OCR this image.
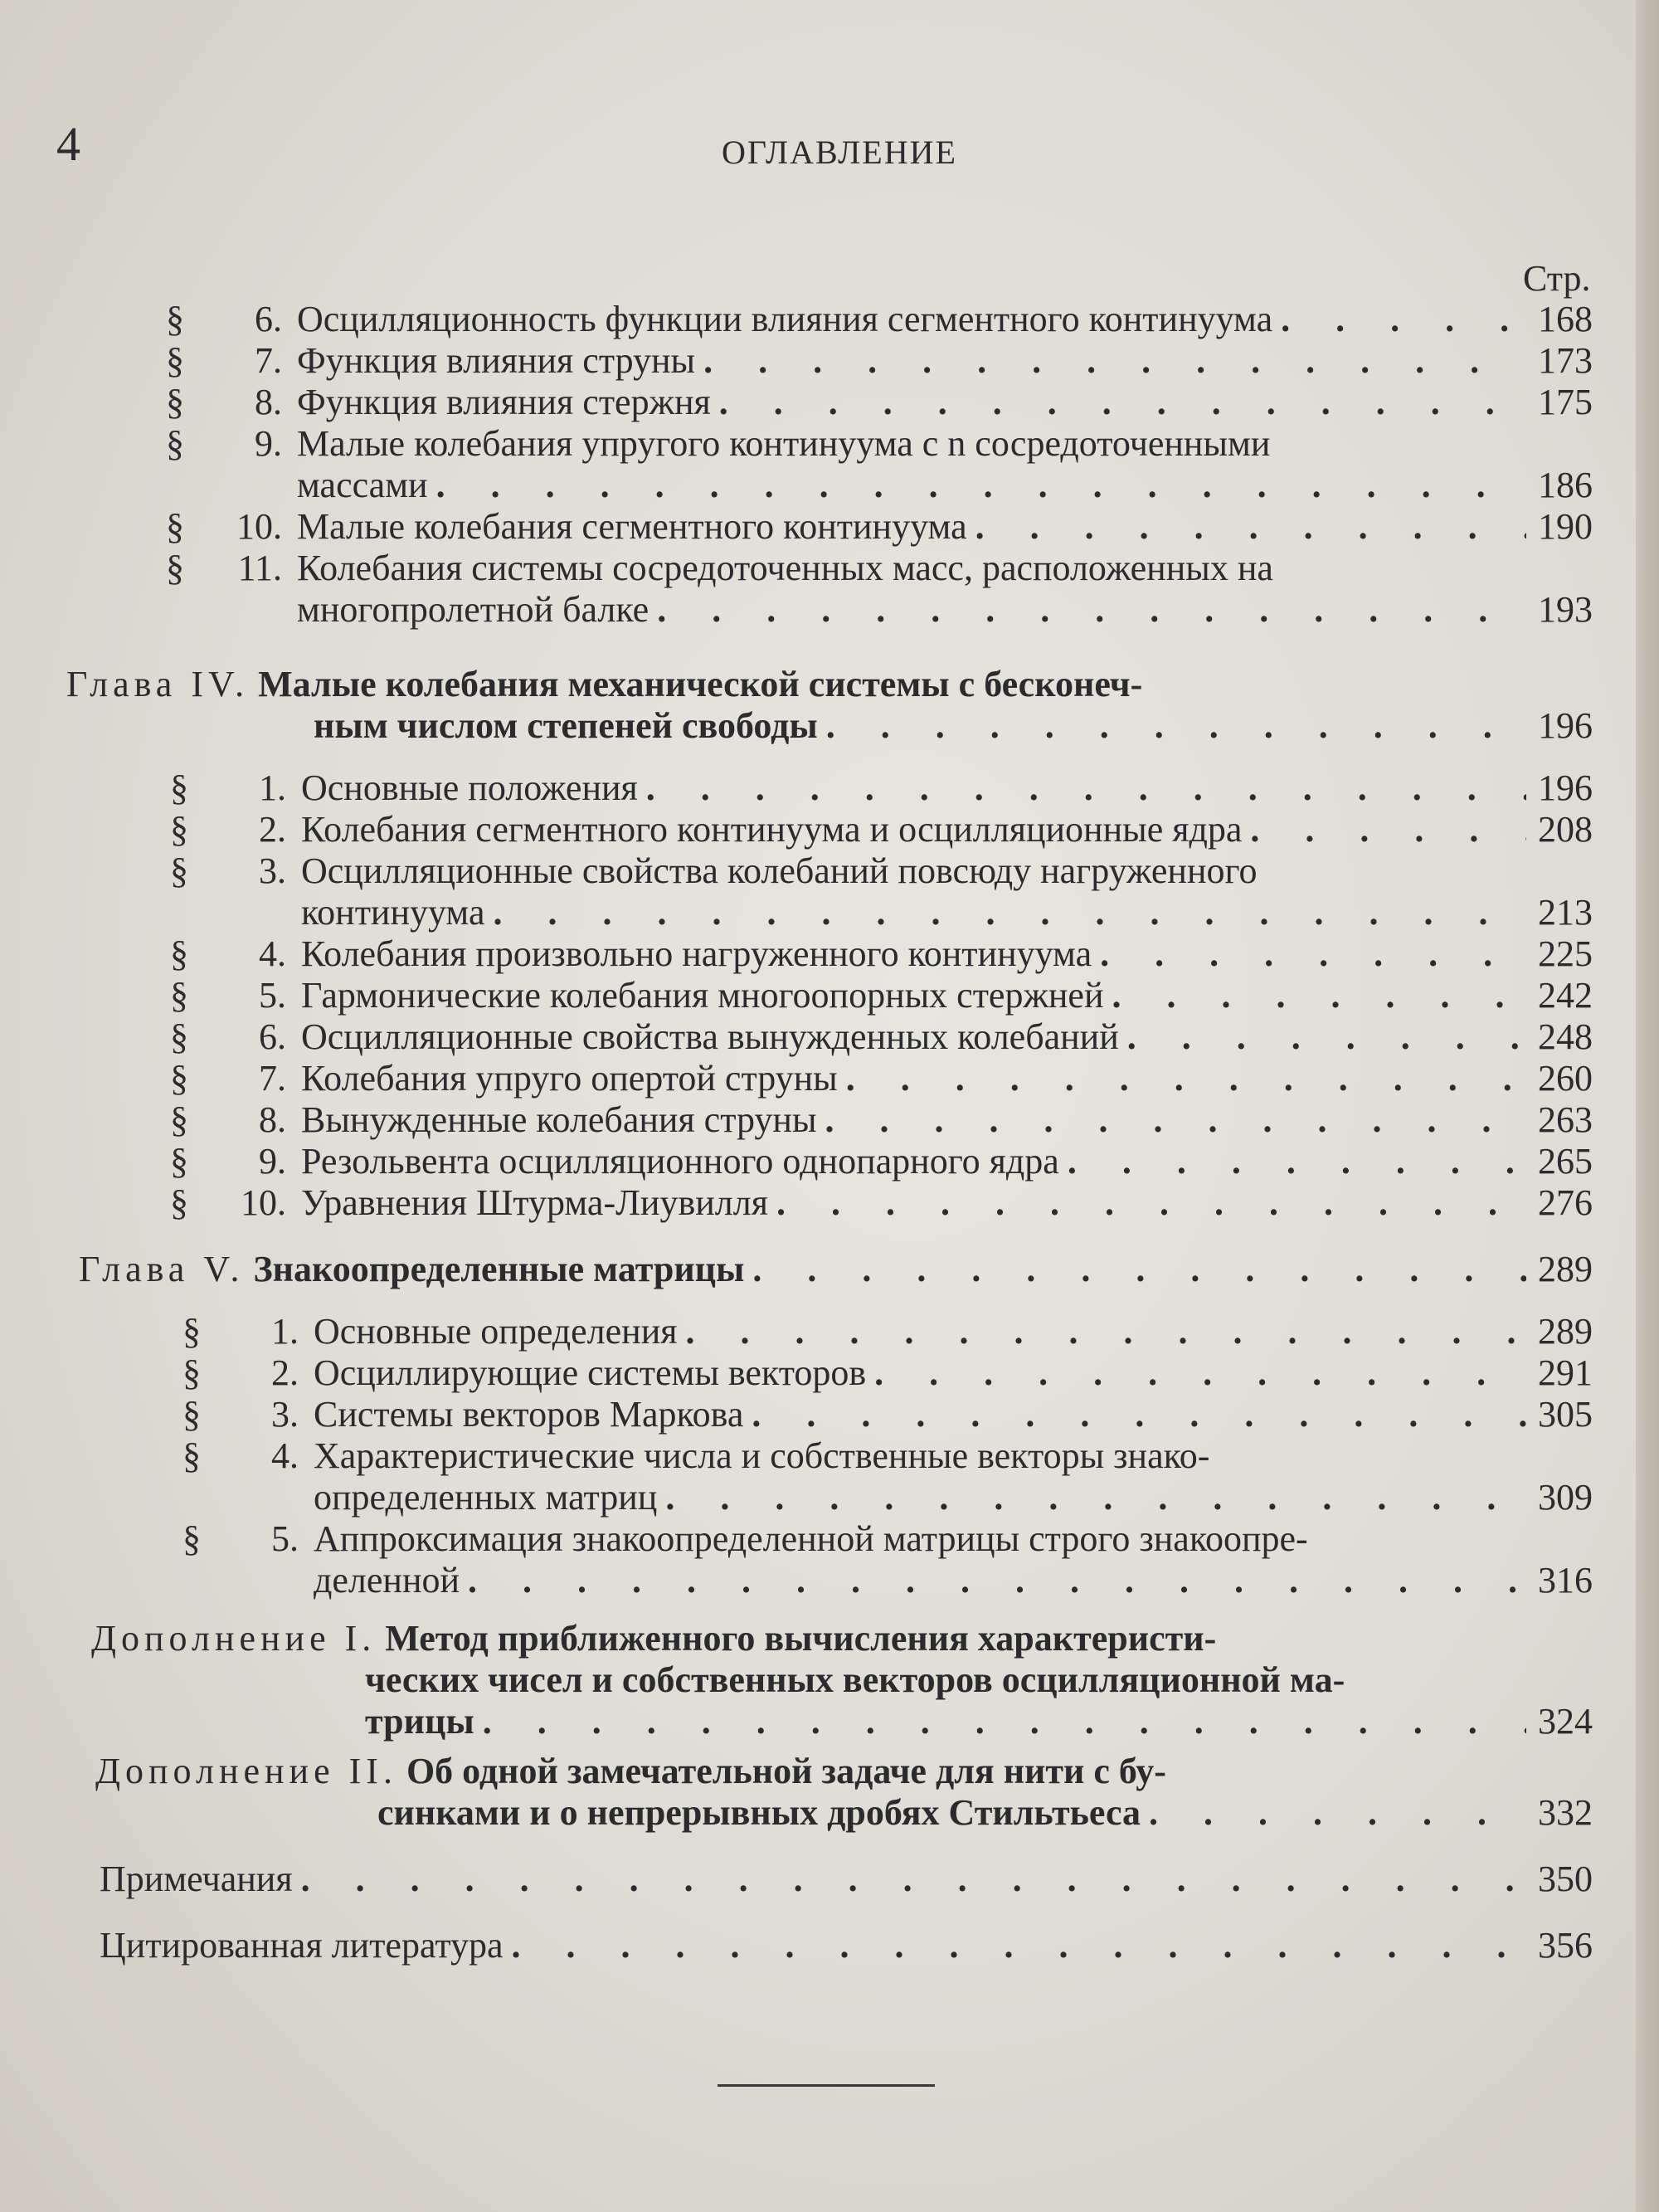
4	ОГЛАВЛЕНИЕ
Стр.
§	6. Осцилляционность функции влияния сегментного континуума . . .	168
§	7. Функция влияния струны . . .	173
§	8. Функция влияния стержня . . .	175
§	9. Малые колебания упругого континуума с n сосредоточенными
массами . . .	186
§	10. Малые колебания сегментного континуума . . .	190
§	11. Колебания системы сосредоточенных масс, расположенных на
многопролетной балке . . .	193
Глава IV.
Малые колебания механической системы с бесконеч-
ным числом степеней свободы . . .	196
§	1. Основные положения . . .	196
§	2. Колебания сегментного континуума и осцилляционные ядра . . .	208
§	3. Осцилляционные свойства колебаний повсюду нагруженного
континуума . . .	213
§	4. Колебания произвольно нагруженного континуума . . .	225
§	5. Гармонические колебания многоопорных стержней . . .	242
§	6. Осцилляционные свойства вынужденных колебаний . . .	248
§	7. Колебания упруго опертой струны . . .	260
§	8. Вынужденные колебания струны . . .	263
§	9. Резольвента осцилляционного однопарного ядра . . .	265
§	10. Уравнения Штурма-Лиувилля . . .	276
Глава V.
Знакоопределенные матрицы . . .	289
§	1. Основные определения . . .	289
§	2. Осциллирующие системы векторов . . .	291
§	3. Системы векторов Маркова . . .	305
§	4. Характеристические числа и собственные векторы знако-
определенных матриц . . .	309
§	5. Аппроксимация знакоопределенной матрицы строго знакоопре-
деленной . . .	316
Дополнение I.
Метод приближенного вычисления характеристи-
ческих чисел и собственных векторов осцилляционной ма-
трицы . . .	324
Дополнение II.
Об одной замечательной задаче для нити с бу-
синками и о непрерывных дробях Стильтьеса . . .	332
Примечания . . .	350
Цитированная литература . . .	356
